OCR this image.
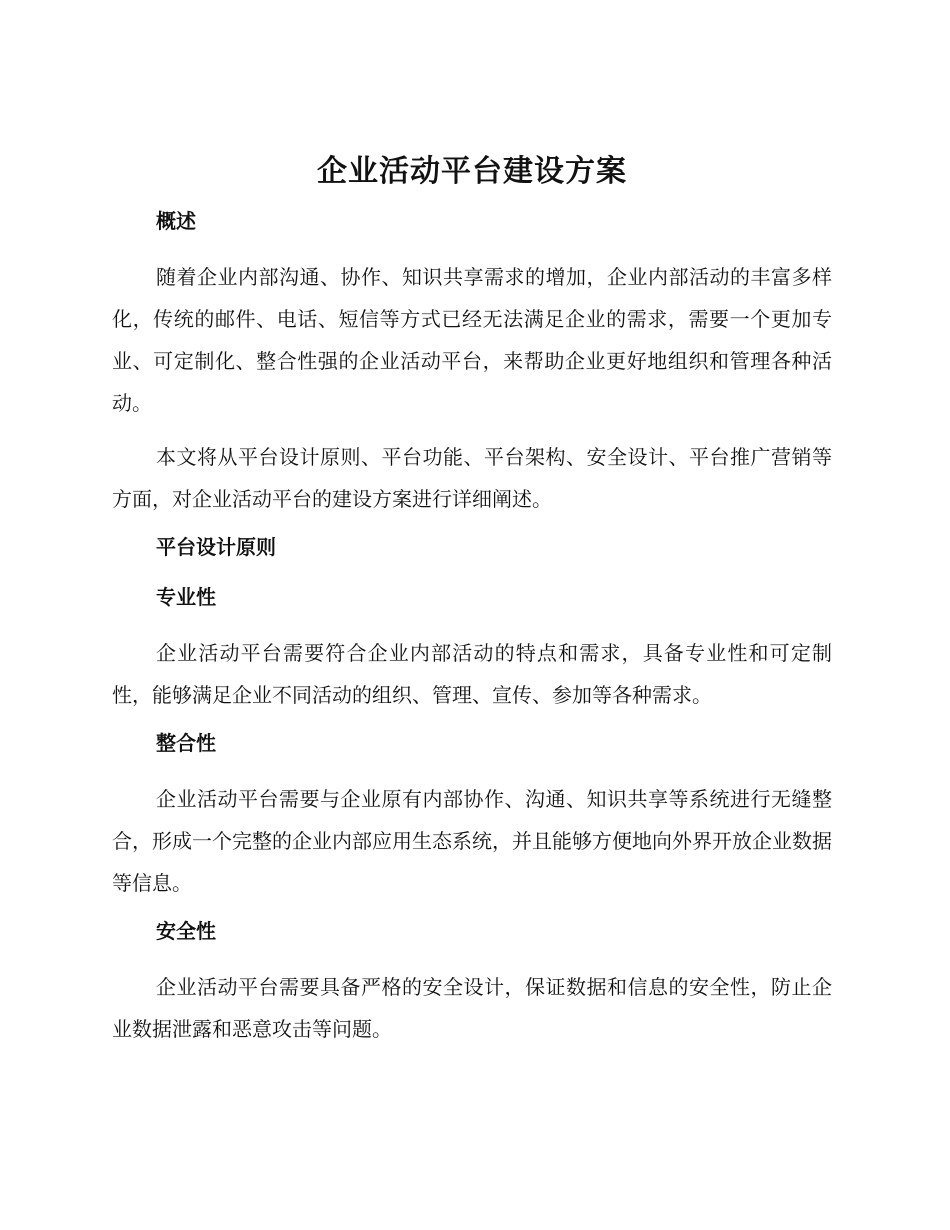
企业活动平台建设方案
概述

随着企业内部沟通、协作、知识共享需求的增加，企业内部活动的丰富多样化，传统的邮件、电话、短信等方式已经无法满足企业的需求，需要一个更加专业、可定制化、整合性强的企业活动平台，来帮助企业更好地组织和管理各种活动。

本文将从平台设计原则、平台功能、平台架构、安全设计、平台推广营销等方面，对企业活动平台的建设方案进行详细阐述。

平台设计原则
专业性

企业活动平台需要符合企业内部活动的特点和需求，具备专业性和可定制性，能够满足企业不同活动的组织、管理、宣传、参加等各种需求。

整合性

企业活动平台需要与企业原有内部协作、沟通、知识共享等系统进行无缝整合，形成一个完整的企业内部应用生态系统，并且能够方便地向外界开放企业数据等信息。

安全性

企业活动平台需要具备严格的安全设计，保证数据和信息的安全性，防止企业数据泄露和恶意攻击等问题。
